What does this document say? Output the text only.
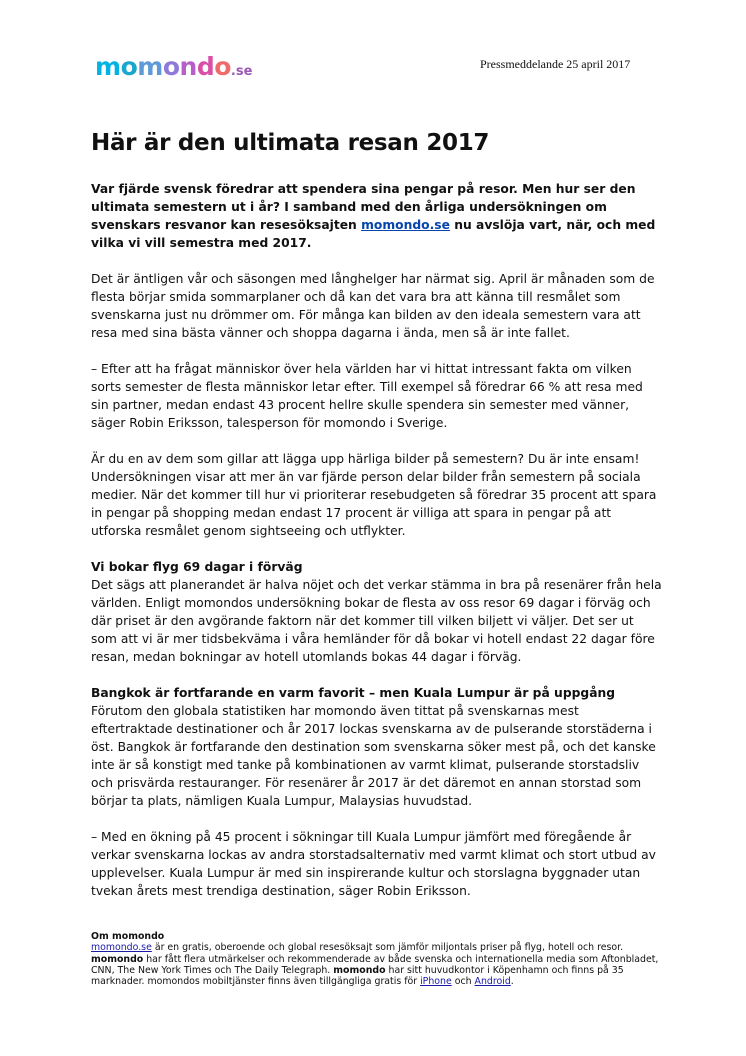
momondo.se	Pressmeddelande 25 april 2017
Här är den ultimata resan 2017

Var fjärde svensk föredrar att spendera sina pengar på resor. Men hur ser den ultimata semestern ut i år? I samband med den årliga undersökningen om svenskars resvanor kan resesöksajten momondo.se nu avslöja vart, när, och med vilka vi vill semestra med 2017.

Det är äntligen vår och säsongen med långhelger har närmat sig. April är månaden som de flesta börjar smida sommarplaner och då kan det vara bra att känna till resmålet som svenskarna just nu drömmer om. För många kan bilden av den ideala semestern vara att resa med sina bästa vänner och shoppa dagarna i ända, men så är inte fallet.

– Efter att ha frågat människor över hela världen har vi hittat intressant fakta om vilken sorts semester de flesta människor letar efter. Till exempel så föredrar 66 % att resa med sin partner, medan endast 43 procent hellre skulle spendera sin semester med vänner, säger Robin Eriksson, talesperson för momondo i Sverige.

Är du en av dem som gillar att lägga upp härliga bilder på semestern? Du är inte ensam! Undersökningen visar att mer än var fjärde person delar bilder från semestern på sociala medier. När det kommer till hur vi prioriterar resebudgeten så föredrar 35 procent att spara in pengar på shopping medan endast 17 procent är villiga att spara in pengar på att utforska resmålet genom sightseeing och utflykter.

Vi bokar flyg 69 dagar i förväg
Det sägs att planerandet är halva nöjet och det verkar stämma in bra på resenärer från hela världen. Enligt momondos undersökning bokar de flesta av oss resor 69 dagar i förväg och där priset är den avgörande faktorn när det kommer till vilken biljett vi väljer. Det ser ut som att vi är mer tidsbekväma i våra hemländer för då bokar vi hotell endast 22 dagar före resan, medan bokningar av hotell utomlands bokas 44 dagar i förväg.

Bangkok är fortfarande en varm favorit – men Kuala Lumpur är på uppgång
Förutom den globala statistiken har momondo även tittat på svenskarnas mest eftertraktade destinationer och år 2017 lockas svenskarna av de pulserande storstäderna i öst. Bangkok är fortfarande den destination som svenskarna söker mest på, och det kanske inte är så konstigt med tanke på kombinationen av varmt klimat, pulserande storstadsliv och prisvärda restauranger. För resenärer år 2017 är det däremot en annan storstad som börjar ta plats, nämligen Kuala Lumpur, Malaysias huvudstad.

– Med en ökning på 45 procent i sökningar till Kuala Lumpur jämfört med föregående år verkar svenskarna lockas av andra storstadsalternativ med varmt klimat och stort utbud av upplevelser. Kuala Lumpur är med sin inspirerande kultur och storslagna byggnader utan tvekan årets mest trendiga destination, säger Robin Eriksson.

Om momondo
momondo.se är en gratis, oberoende och global resesöksajt som jämför miljontals priser på flyg, hotell och resor.
momondo har fått flera utmärkelser och rekommenderade av både svenska och internationella media som Aftonbladet, CNN, The New York Times och The Daily Telegraph. momondo har sitt huvudkontor i Köpenhamn och finns på 35 marknader. momondos mobiltjänster finns även tillgängliga gratis för iPhone och Android.
